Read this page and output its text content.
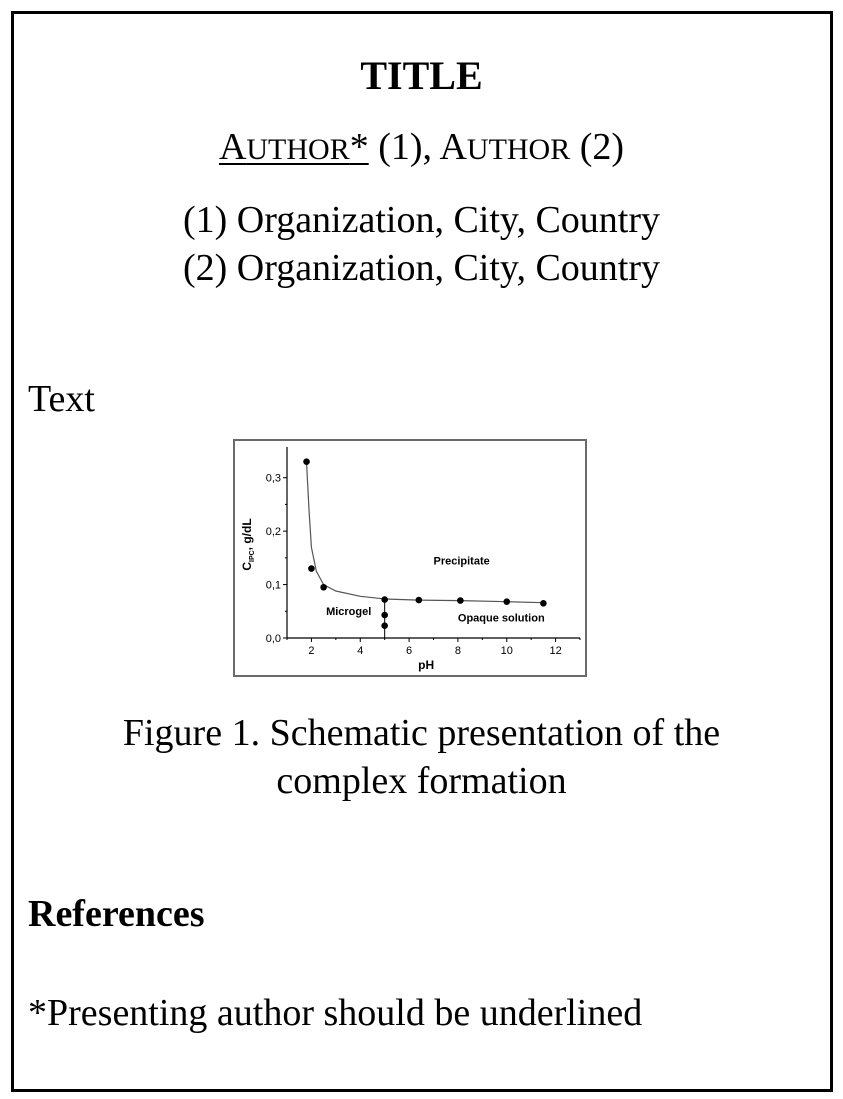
TITLE
AUTHOR* (1), AUTHOR (2)
(1) Organization, City, Country
(2) Organization, City, Country
Text
0,0
0,1
0,2
0,3
2	4	6	8	10	12
pH
$C_{IPC}$, g/dL
Precipitate
Microgel
Opaque solution
Figure 1. Schematic presentation of the
complex formation
References
*Presenting author should be underlined
